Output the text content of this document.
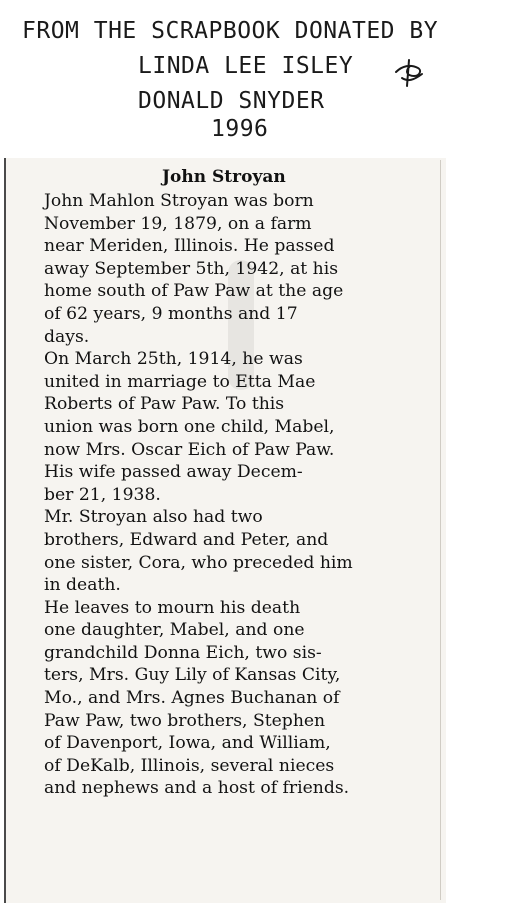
FROM THE SCRAPBOOK DONATED BY
LINDA LEE ISLEY
DONALD SNYDER
1996
John Stroyan
John Mahlon Stroyan was born
November 19, 1879, on a farm
near Meriden, Illinois. He passed
away September 5th, 1942, at his
home south of Paw Paw at the age
of 62 years, 9 months and 17
days.
On March 25th, 1914, he was
united in marriage to Etta Mae
Roberts of Paw Paw. To this
union was born one child, Mabel,
now Mrs. Oscar Eich of Paw Paw.
His wife passed away Decem-
ber 21, 1938.
Mr. Stroyan also had two
brothers, Edward and Peter, and
one sister, Cora, who preceded him
in death.
He leaves to mourn his death
one daughter, Mabel, and one
grandchild Donna Eich, two sis-
ters, Mrs. Guy Lily of Kansas City,
Mo., and Mrs. Agnes Buchanan of
Paw Paw, two brothers, Stephen
of Davenport, Iowa, and William,
of DeKalb, Illinois, several nieces
and nephews and a host of friends.
